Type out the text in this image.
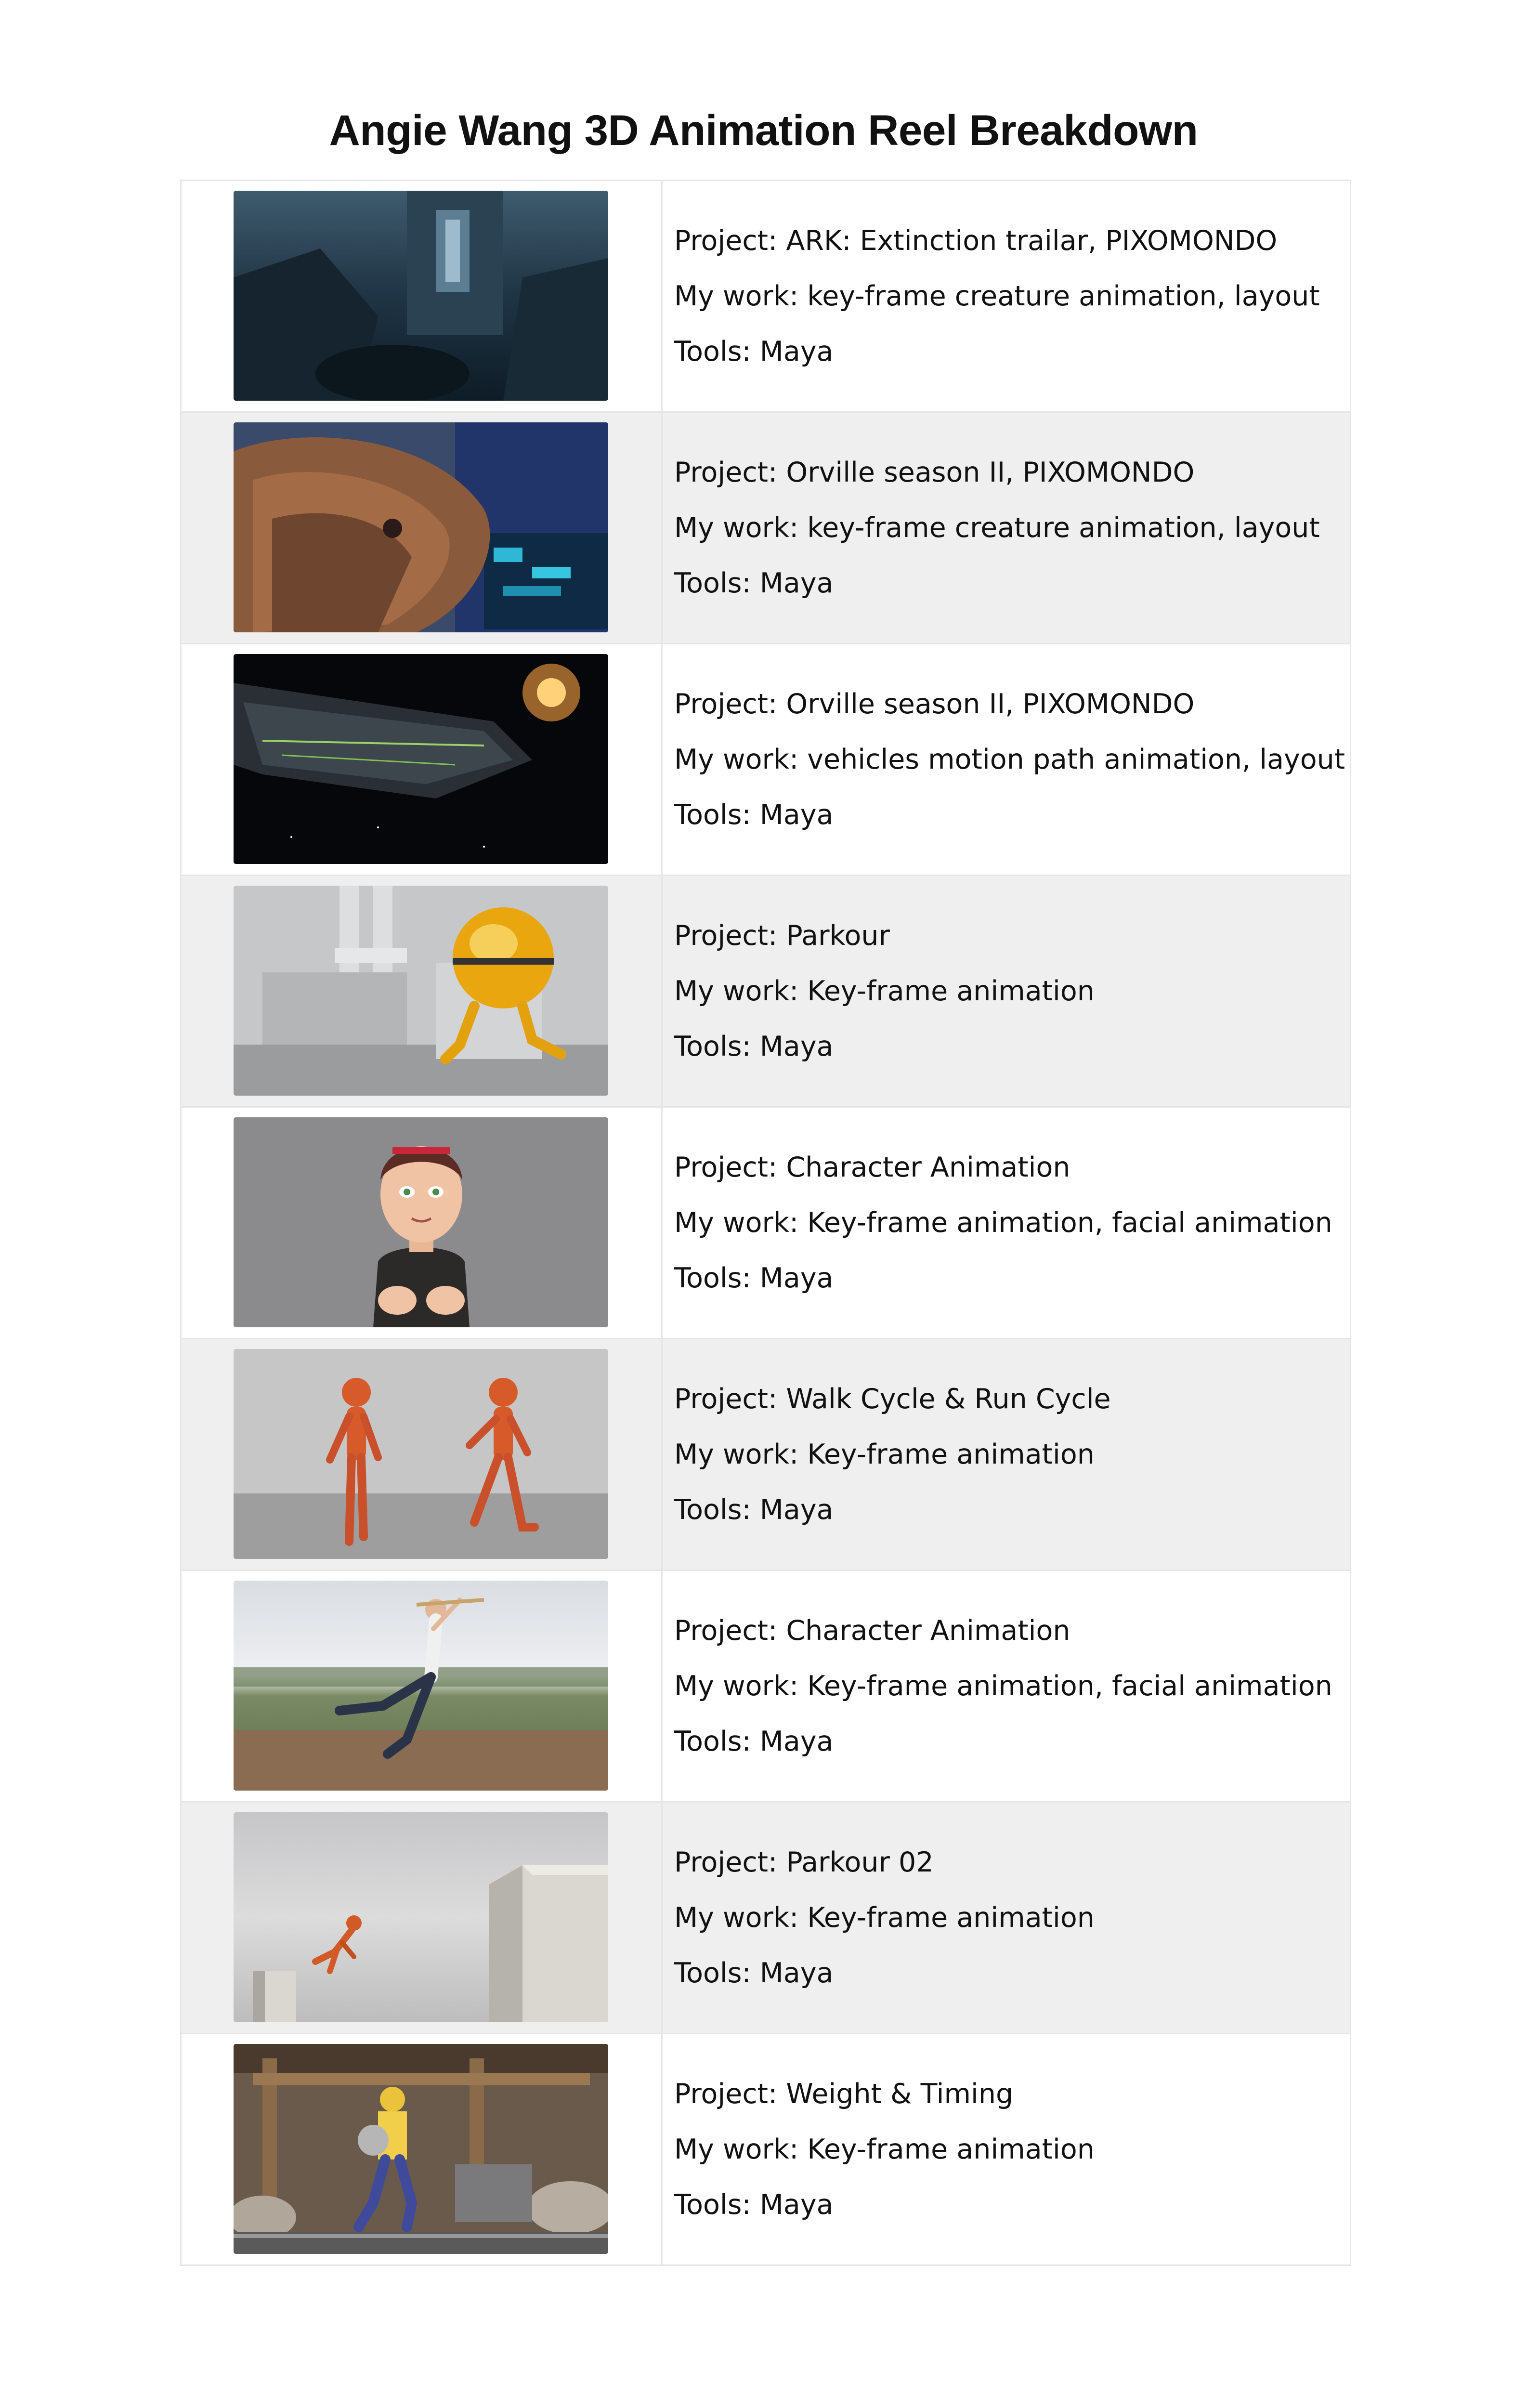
Angie Wang 3D Animation Reel Breakdown

Project: ARK: Extinction trailar, PIXOMONDO
My work: key-frame creature animation, layout
Tools: Maya

Project: Orville season II, PIXOMONDO
My work: key-frame creature animation, layout
Tools: Maya

Project: Orville season II, PIXOMONDO
My work: vehicles motion path animation, layout
Tools: Maya

Project: Parkour
My work: Key-frame animation
Tools: Maya

Project: Character Animation
My work: Key-frame animation, facial animation
Tools: Maya

Project: Walk Cycle & Run Cycle
My work: Key-frame animation
Tools: Maya

Project: Character Animation
My work: Key-frame animation, facial animation
Tools: Maya

Project: Parkour 02
My work: Key-frame animation
Tools: Maya

Project: Weight & Timing
My work: Key-frame animation
Tools: Maya
